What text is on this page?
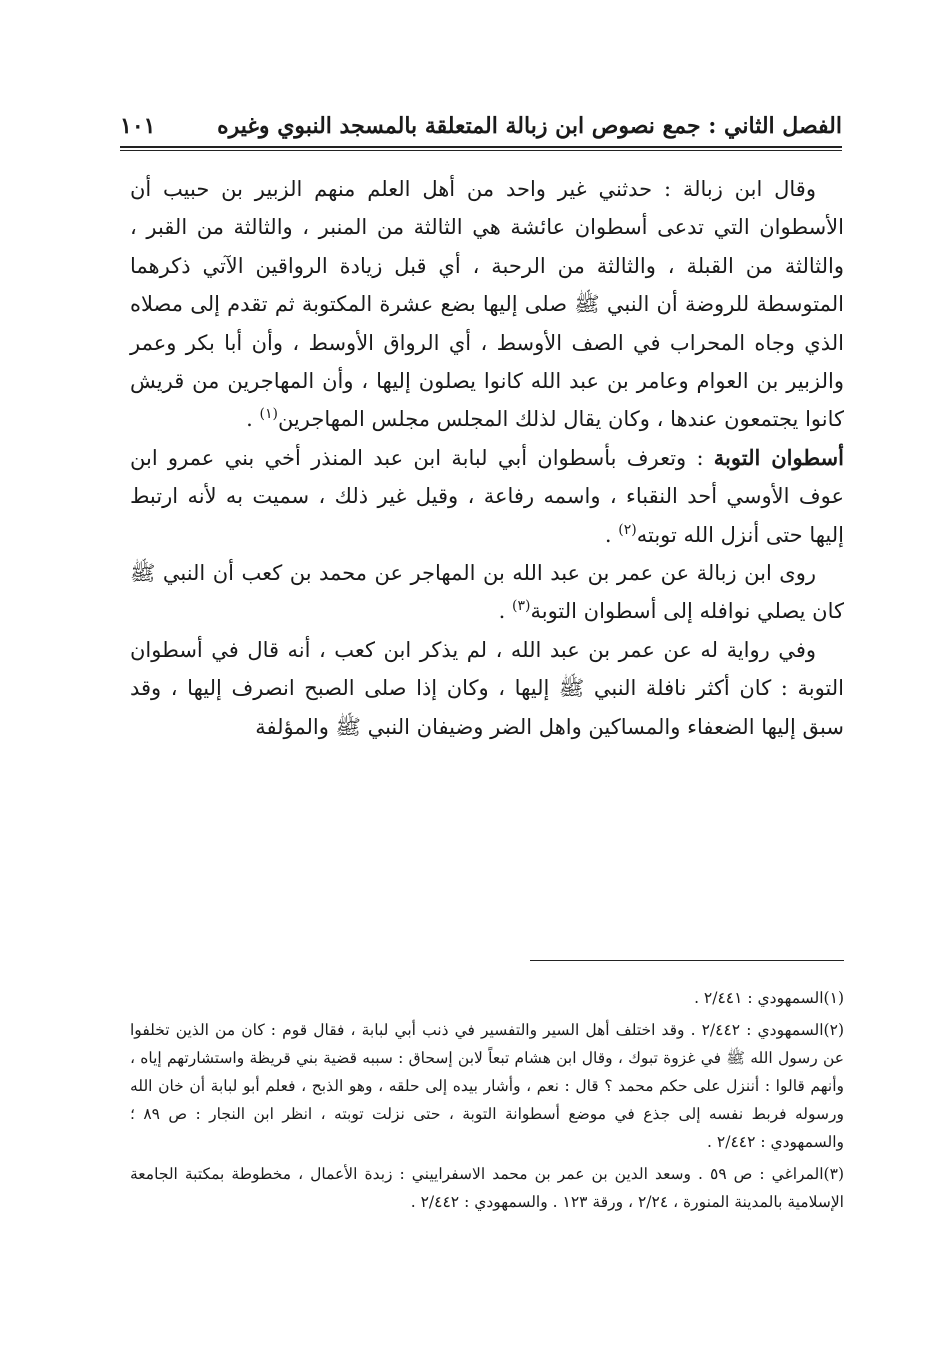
١٠١	الفصل الثاني : جمع نصوص ابن زبالة المتعلقة بالمسجد النبوي وغيره

وقال ابن زبالة : حدثني غير واحد من أهل العلم منهم الزبير بن حبيب أن الأسطوان التي تدعى أسطوان عائشة هي الثالثة من المنبر ، والثالثة من القبر ، والثالثة من القبلة ، والثالثة من الرحبة ، أي قبل زيادة الرواقين الآتي ذكرهما المتوسطة للروضة أن النبي ﷺ صلى إليها بضع عشرة المكتوبة ثم تقدم إلى مصلاه الذي وجاه المحراب في الصف الأوسط ، أي الرواق الأوسط ، وأن أبا بكر وعمر والزبير بن العوام وعامر بن عبد الله كانوا يصلون إليها ، وأن المهاجرين من قريش كانوا يجتمعون عندها ، وكان يقال لذلك المجلس مجلس المهاجرين$^{(١)}$ .

أسطوان التوبة : وتعرف بأسطوان أبي لبابة ابن عبد المنذر أخي بني عمرو ابن عوف الأوسي أحد النقباء ، واسمه رفاعة ، وقيل غير ذلك ، سميت به لأنه ارتبط إليها حتى أنزل الله توبته$^{(٢)}$ .

روى ابن زبالة عن عمر بن عبد الله بن المهاجر عن محمد بن كعب أن النبي ﷺ كان يصلي نوافله إلى أسطوان التوبة$^{(٣)}$ .

وفي رواية له عن عمر بن عبد الله ، لم يذكر ابن كعب ، أنه قال في أسطوان التوبة : كان أكثر نافلة النبي ﷺ إليها ، وكان إذا صلى الصبح انصرف إليها ، وقد سبق إليها الضعفاء والمساكين واهل الضر وضيفان النبي ﷺ والمؤلفة

(١)السمهودي : ٢/٤٤١ .

(٢)السمهودي : ٢/٤٤٢ . وقد اختلف أهل السير والتفسير في ذنب أبي لبابة ، فقال قوم : كان من الذين تخلفوا عن رسول الله ﷺ في غزوة تبوك ، وقال ابن هشام تبعاً لابن إسحاق : سببه قضية بني قريظة واستشارتهم إياه ، وأنهم قالوا : أننزل على حكم محمد ؟ قال : نعم ، وأشار بيده إلى حلقه ، وهو الذبح ، فعلم أبو لبابة أن خان الله ورسوله فربط نفسه إلى جذع في موضع أسطوانة التوبة ، حتى نزلت توبته ، انظر ابن النجار : ص ٨٩ ؛ والسمهودي : ٢/٤٤٢ .

(٣)المراغي : ص ٥٩ . وسعد الدين بن عمر بن محمد الاسفراييني : زبدة الأعمال ، مخطوطة بمكتبة الجامعة الإسلامية بالمدينة المنورة ، ٢/٢٤ ، ورقة ١٢٣ . والسمهودي : ٢/٤٤٢ .
